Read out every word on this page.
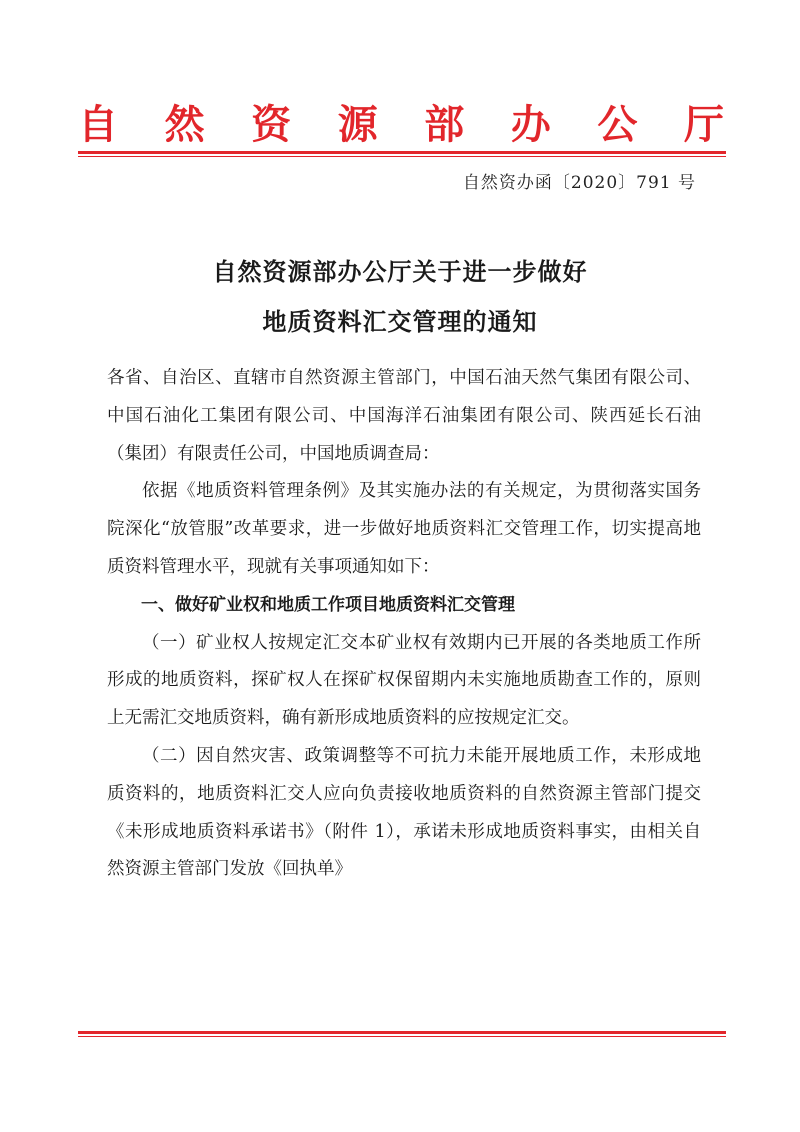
自 然 资 源 部 办 公 厅
自然资办函〔2020〕791 号
自然资源部办公厅关于进一步做好
地质资料汇交管理的通知

各省、自治区、直辖市自然资源主管部门，中国石油天然气集团有限公司、中国石油化工集团有限公司、中国海洋石油集团有限公司、陕西延长石油（集团）有限责任公司，中国地质调查局：

依据《地质资料管理条例》及其实施办法的有关规定，为贯彻落实国务院深化“放管服”改革要求，进一步做好地质资料汇交管理工作，切实提高地质资料管理水平，现就有关事项通知如下：

一、做好矿业权和地质工作项目地质资料汇交管理

（一）矿业权人按规定汇交本矿业权有效期内已开展的各类地质工作所形成的地质资料，探矿权人在探矿权保留期内未实施地质勘查工作的，原则上无需汇交地质资料，确有新形成地质资料的应按规定汇交。

（二）因自然灾害、政策调整等不可抗力未能开展地质工作，未形成地质资料的，地质资料汇交人应向负责接收地质资料的自然资源主管部门提交《未形成地质资料承诺书》（附件 1），承诺未形成地质资料事实，由相关自然资源主管部门发放《回执单》
